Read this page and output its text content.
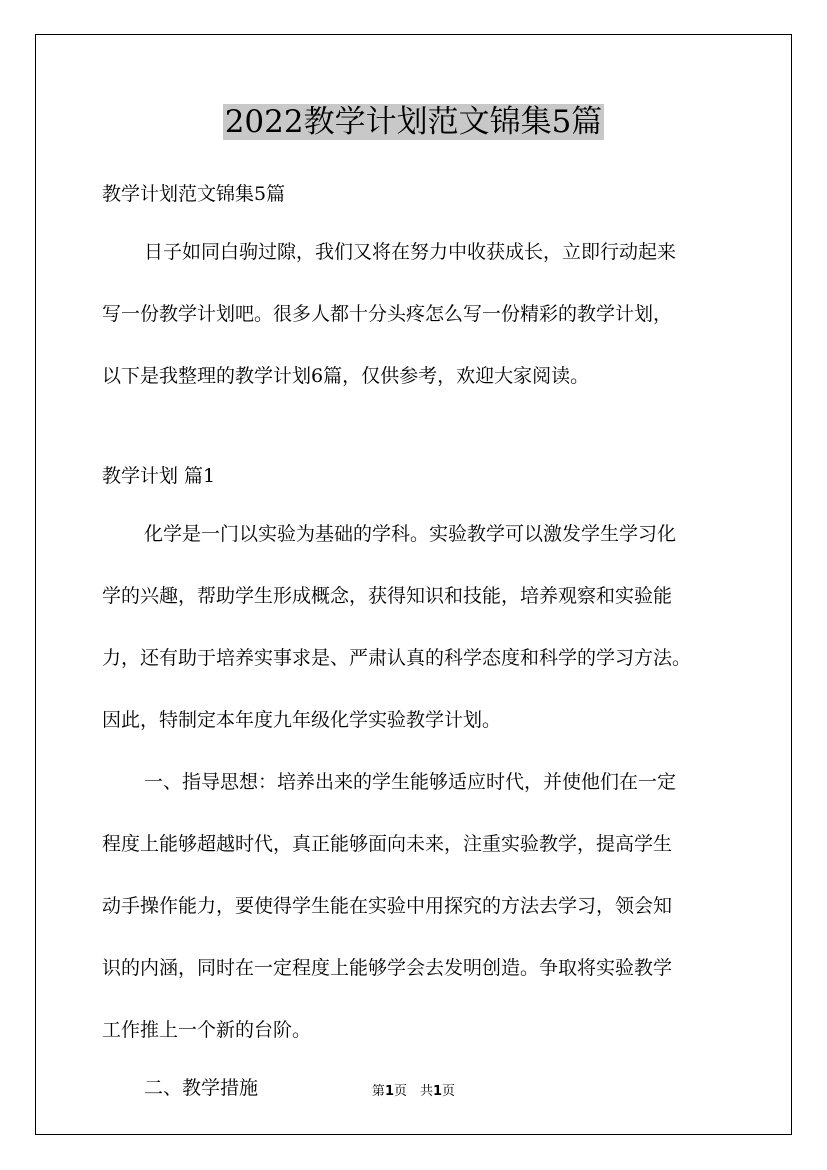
2022教学计划范文锦集5篇
教学计划范文锦集5篇
日子如同白驹过隙，我们又将在努力中收获成长，立即行动起来
写一份教学计划吧。很多人都十分头疼怎么写一份精彩的教学计划，
以下是我整理的教学计划6篇，仅供参考，欢迎大家阅读。
教学计划 篇1
化学是一门以实验为基础的学科。实验教学可以激发学生学习化
学的兴趣，帮助学生形成概念，获得知识和技能，培养观察和实验能
力，还有助于培养实事求是、严肃认真的科学态度和科学的学习方法。
因此，特制定本年度九年级化学实验教学计划。
一、指导思想：培养出来的学生能够适应时代，并使他们在一定
程度上能够超越时代，真正能够面向未来，注重实验教学，提高学生
动手操作能力，要使得学生能在实验中用探究的方法去学习，领会知
识的内涵，同时在一定程度上能够学会去发明创造。争取将实验教学
工作推上一个新的台阶。
二、教学措施	第1页　共1页
